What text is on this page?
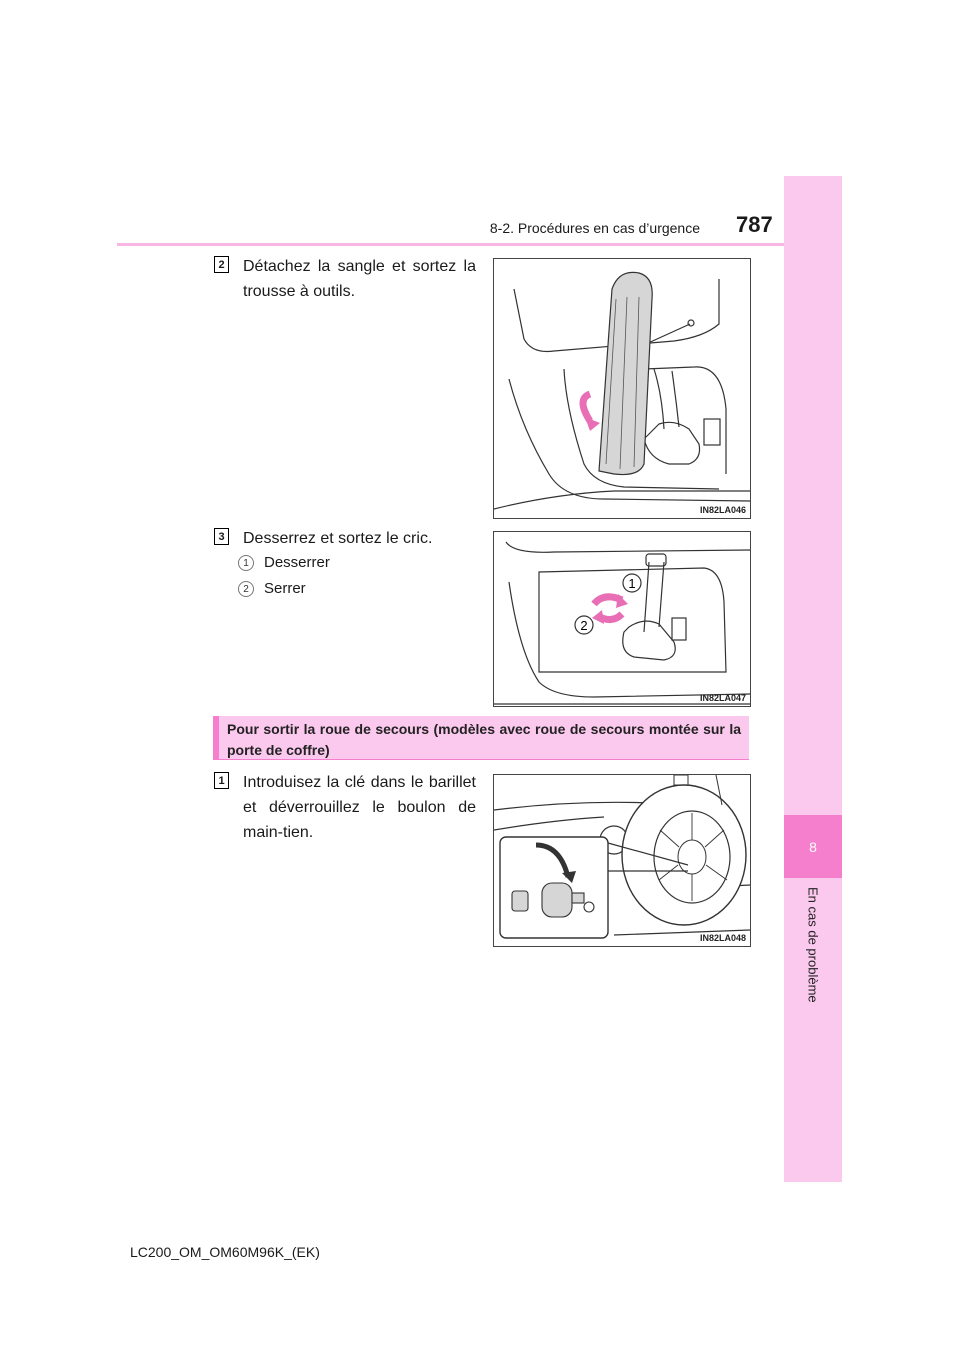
8
En cas de problème
8-2. Procédures en cas d’urgence 787
2 Détachez la sangle et sortez la trousse à outils.
IN82LA046
3 Desserrez et sortez le cric.
1	Desserrer
2	Serrer	1
2
IN82LA047
Pour sortir la roue de secours (modèles avec roue de secours montée sur la porte de coffre)
1 Introduisez la clé dans le barillet et déverrouillez le boulon de main-tien.
IN82LA048
LC200_OM_OM60M96K_(EK)
